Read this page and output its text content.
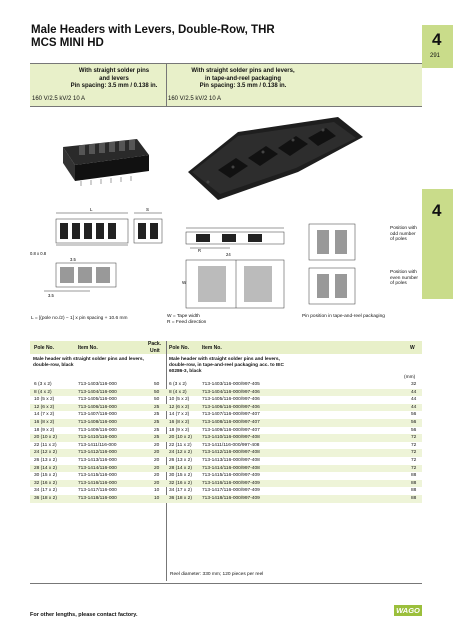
Male Headers with Levers, Double-Row, THR
MCS MINI HD	4
291
4
With straight solder pins
and levers
Pin spacing: 3.5 mm / 0.138 in.
With straight solder pins and levers,
in tape-and-reel packaging
Pin spacing: 3.5 mm / 0.138 in.
160 V/2.5 kV/2 10 A	160 V/2.5 kV/2 10 A
L	S
0.8 x 0.8
3.5
3.5
W
24
R
Position with
odd number
of poles
Position with
even number
of poles
L = [(pole no./2) − 1] x pin spacing + 10.6 mm	W = Tape width
R = Feed direction
Pin position in tape-and-reel packaging
Pole No.	Item No.
Pack.
Unit Pole No.	Item No.	W
Male header with straight solder pins and levers,
double-row, black
Male header with straight solder pins and levers,
double-row, in tape-and-reel packaging acc. to IEC
60286-3, black
(mm)
6 (3 x 2)	713-1403/116-000	50 6 (3 x 2)	713-1403/116-000/997-405	32
8 (4 x 2)	713-1404/116-000	50 8 (4 x 2)	713-1404/116-000/997-406	44
10 (5 x 2)	713-1405/116-000	50 10 (5 x 2)	713-1405/116-000/997-406	44
12 (6 x 2)	713-1406/116-000	25 12 (6 x 2)	713-1406/116-000/997-406	44
14 (7 x 2)	713-1407/116-000	25 14 (7 x 2)	713-1407/116-000/997-407	56
16 (8 x 2)	713-1408/116-000	25 16 (8 x 2)	713-1408/116-000/997-407	56
18 (9 x 2)	713-1409/116-000	25 18 (9 x 2)	713-1409/116-000/997-407	56
20 (10 x 2)	713-1410/116-000	25 20 (10 x 2) 713-1410/116-000/997-408	72
22 (11 x 2)	713-1411/116-000	20 22 (11 x 2) 713-1411/116-000/997-408	72
24 (12 x 2)	713-1412/116-000	20 24 (12 x 2) 713-1412/116-000/997-408	72
26 (13 x 2)	713-1413/116-000	20 26 (13 x 2) 713-1413/116-000/997-408	72
28 (14 x 2)	713-1414/116-000	20 28 (14 x 2) 713-1414/116-000/997-408	72
30 (15 x 2)	713-1415/116-000	20 30 (15 x 2) 713-1415/116-000/997-409	88
32 (16 x 2)	713-1416/116-000	20 32 (16 x 2) 713-1416/116-000/997-409	88
34 (17 x 2)	713-1417/116-000	10 34 (17 x 2) 713-1417/116-000/997-409	88
36 (18 x 2)	713-1418/116-000	10 36 (18 x 2) 713-1418/116-000/997-409	88
Reel diameter: 330 mm; 120 pieces per reel
For other lengths, please contact factory.	WAGO
